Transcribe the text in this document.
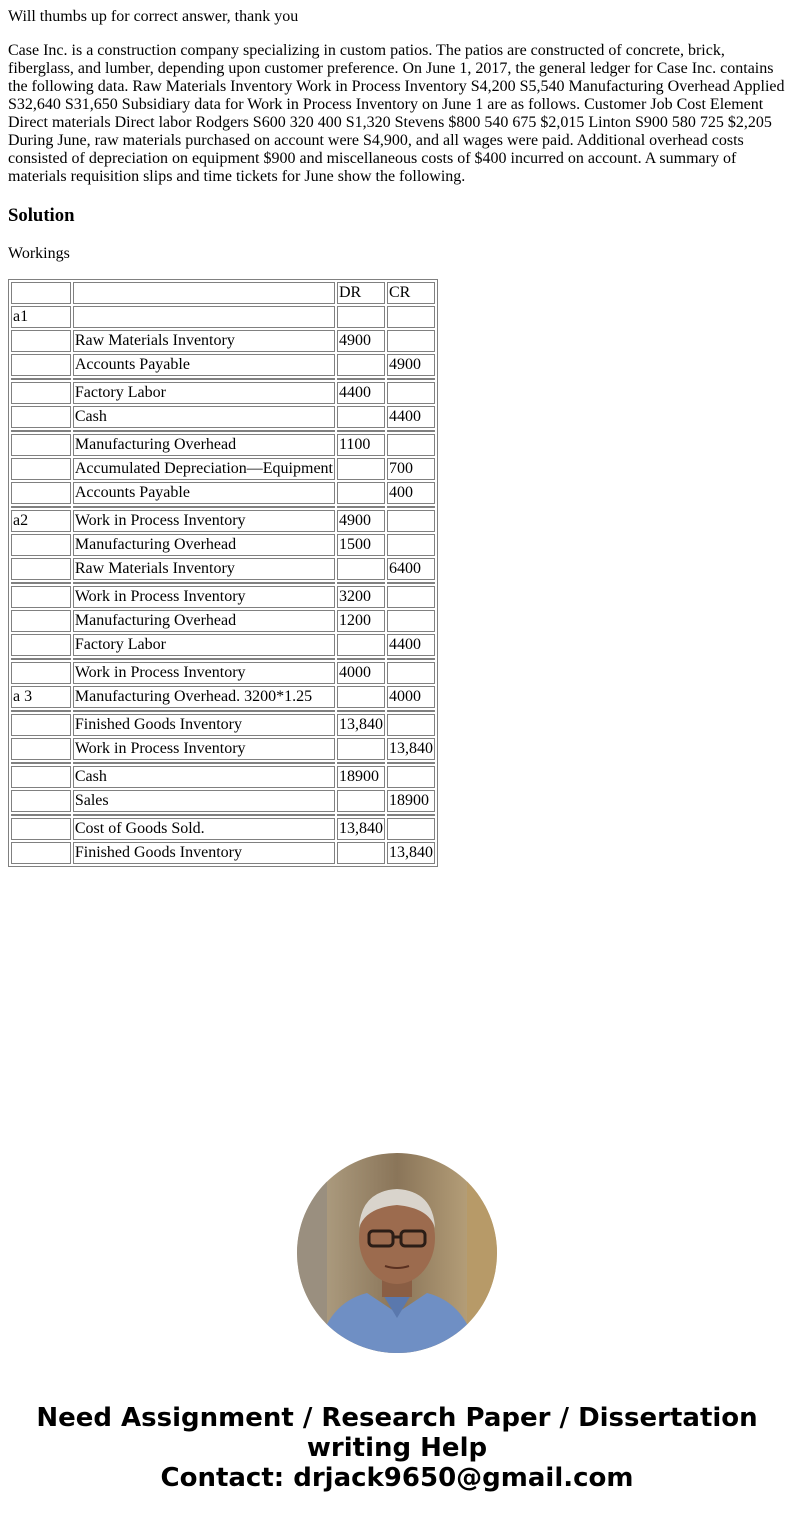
Will thumbs up for correct answer, thank you

Case Inc. is a construction company specializing in custom patios. The patios are constructed of concrete, brick, fiberglass, and lumber, depending upon customer preference. On June 1, 2017, the general ledger for Case Inc. contains the following data. Raw Materials Inventory Work in Process Inventory S4,200 S5,540 Manufacturing Overhead Applied S32,640 S31,650 Subsidiary data for Work in Process Inventory on June 1 are as follows. Customer Job Cost Element Direct materials Direct labor Rodgers S600 320 400 S1,320 Stevens $800 540 675 $2,015 Linton S900 580 725 $2,205 During June, raw materials purchased on account were S4,900, and all wages were paid. Additional overhead costs consisted of depreciation on equipment $900 and miscellaneous costs of $400 incurred on account. A summary of materials requisition slips and time tickets for June show the following.

Solution

Workings

		DR	CR
a1			
	Raw Materials Inventory	4900	
	Accounts Payable		4900

	Factory Labor	4400	
	Cash		4400

	Manufacturing Overhead	1100	
	Accumulated Depreciation—Equipment		700
	Accounts Payable		400

a2	Work in Process Inventory	4900	
	Manufacturing Overhead	1500	
	Raw Materials Inventory		6400

	Work in Process Inventory	3200	
	Manufacturing Overhead	1200	
	Factory Labor		4400

	Work in Process Inventory	4000	
a 3	Manufacturing Overhead. 3200*1.25		4000

	Finished Goods Inventory	13,840	
	Work in Process Inventory		13,840

	Cash	18900	
	Sales		18900

	Cost of Goods Sold.	13,840	
	Finished Goods Inventory		13,840
Need Assignment / Research Paper / Dissertation
writing Help
Contact: drjack9650@gmail.com
